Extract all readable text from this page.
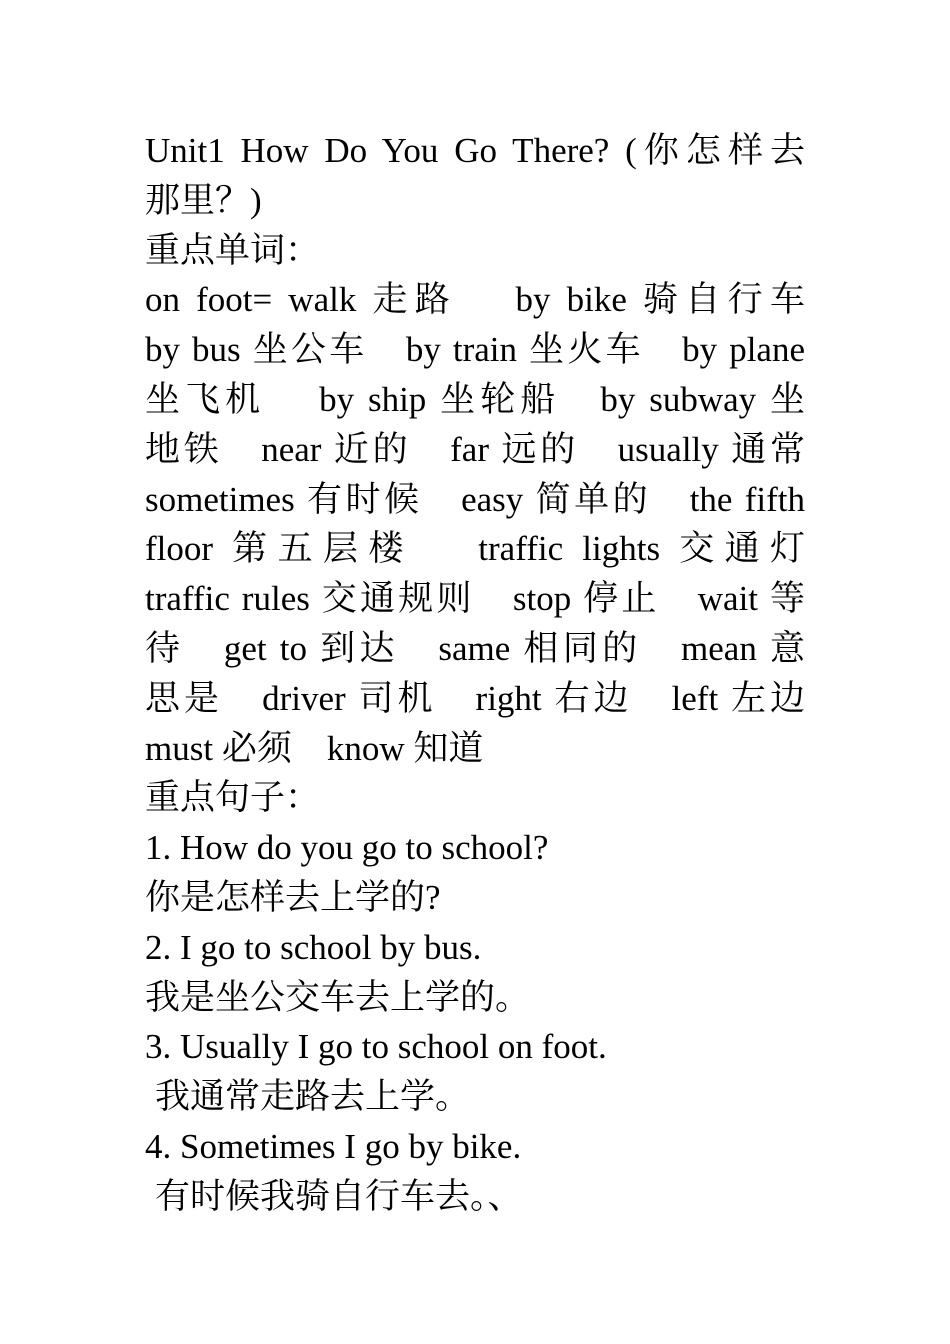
Unit1 How Do You Go There? (你怎样去
那里？)
重点单词：
on foot= walk 走路　 by bike 骑自行车
by bus 坐公车　by train 坐火车　by plane
坐飞机　 by ship 坐轮船　by subway 坐
地铁　near 近的　far 远的　usually 通常
sometimes 有时候　easy 简单的　the fifth
floor 第五层楼　 traffic lights 交通灯
traffic rules 交通规则　stop 停止　wait 等
待　get to 到达　same 相同的　mean 意
思是　driver 司机　right 右边　left 左边
must 必须　know 知道
重点句子：
1. How do you go to school?
你是怎样去上学的?
2. I go to school by bus.
我是坐公交车去上学的。
3. Usually I go to school on foot.
我通常走路去上学。
4. Sometimes I go by bike.
有时候我骑自行车去。、
